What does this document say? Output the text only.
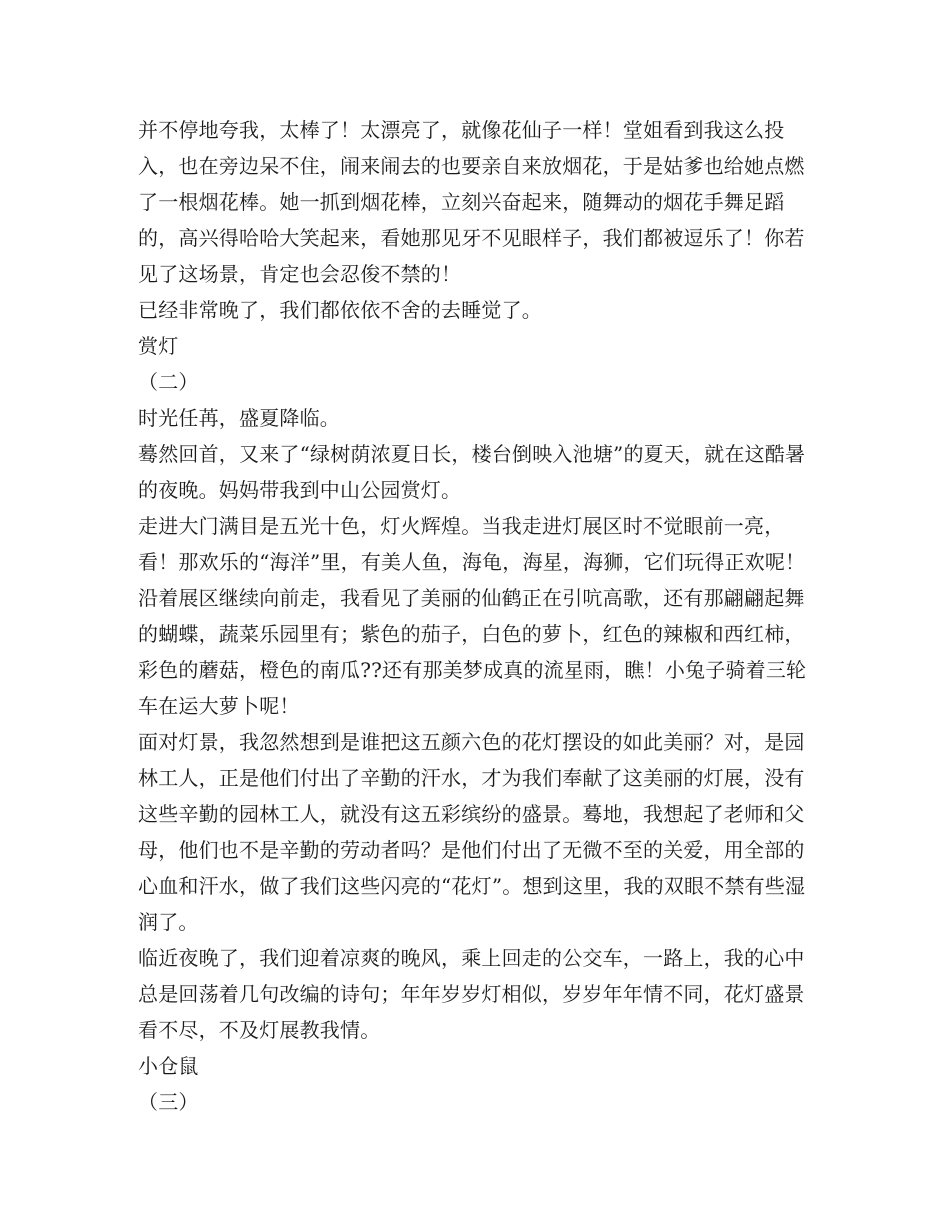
并不停地夸我，太棒了！太漂亮了，就像花仙子一样！堂姐看到我这么投入，也在旁边呆不住，闹来闹去的也要亲自来放烟花，于是姑爹也给她点燃了一根烟花棒。她一抓到烟花棒，立刻兴奋起来，随舞动的烟花手舞足蹈的，高兴得哈哈大笑起来，看她那见牙不见眼样子，我们都被逗乐了！你若见了这场景，肯定也会忍俊不禁的！

已经非常晚了，我们都依依不舍的去睡觉了。

赏灯

（二）

时光任苒，盛夏降临。

蓦然回首，又来了“绿树荫浓夏日长，楼台倒映入池塘”的夏天，就在这酷暑的夜晚。妈妈带我到中山公园赏灯。

走进大门满目是五光十色，灯火辉煌。当我走进灯展区时不觉眼前一亮，看！那欢乐的“海洋”里，有美人鱼，海龟，海星，海狮，它们玩得正欢呢！沿着展区继续向前走，我看见了美丽的仙鹤正在引吭高歌，还有那翩翩起舞的蝴蝶，蔬菜乐园里有；紫色的茄子，白色的萝卜，红色的辣椒和西红柿，彩色的蘑菇，橙色的南瓜??还有那美梦成真的流星雨，瞧！小兔子骑着三轮车在运大萝卜呢！

面对灯景，我忽然想到是谁把这五颜六色的花灯摆设的如此美丽？对，是园林工人，正是他们付出了辛勤的汗水，才为我们奉献了这美丽的灯展，没有这些辛勤的园林工人，就没有这五彩缤纷的盛景。蓦地，我想起了老师和父母，他们也不是辛勤的劳动者吗？是他们付出了无微不至的关爱，用全部的心血和汗水，做了我们这些闪亮的“花灯”。想到这里，我的双眼不禁有些湿润了。

临近夜晚了，我们迎着凉爽的晚风，乘上回走的公交车，一路上，我的心中总是回荡着几句改编的诗句；年年岁岁灯相似，岁岁年年情不同，花灯盛景看不尽，不及灯展教我情。

小仓鼠

（三）
